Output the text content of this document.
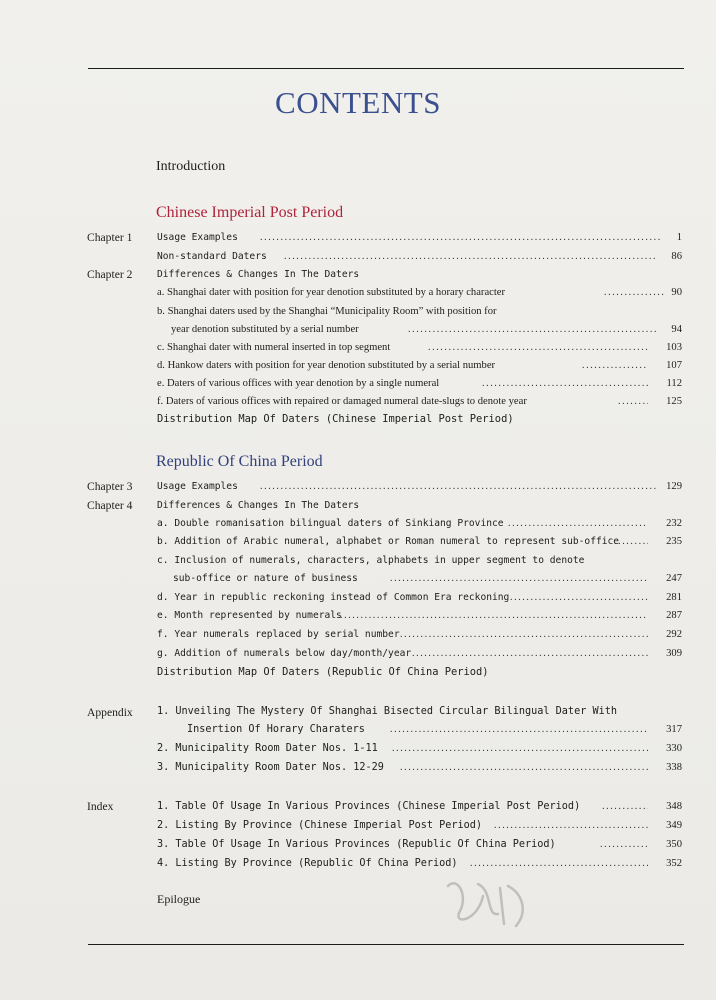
CONTENTS
Introduction
Chinese Imperial Post Period
Chapter 1	Usage Examples .....	1
Non-standard Daters .....	86
Chapter 2	Differences & Changes In The Daters
a. Shanghai dater with position for year denotion substituted by a horary character .....	90
b. Shanghai daters used by the Shanghai “Municipality Room” with position for
year denotion substituted by a serial number .....	94
c. Shanghai dater with numeral inserted in top segment .....	103
d. Hankow daters with position for year denotion substituted by a serial number .....	107
e. Daters of various offices with year denotion by a single numeral .....	112
f. Daters of various offices with repaired or damaged numeral date-slugs to denote year .....	125
Distribution Map Of Daters (Chinese Imperial Post Period)
Republic Of China Period
Chapter 3	Usage Examples .....	129
Chapter 4	Differences & Changes In The Daters
a. Double romanisation bilingual daters of Sinkiang Province .....	232
b. Addition of Arabic numeral, alphabet or Roman numeral to represent sub-office .....	235
c. Inclusion of numerals, characters, alphabets in upper segment to denote
sub-office or nature of business .....	247
d. Year in republic reckoning instead of Common Era reckoning .....	281
e. Month represented by numerals .....	287
f. Year numerals replaced by serial number .....	292
g. Addition of numerals below day/month/year .....	309
Distribution Map Of Daters (Republic Of China Period)
Appendix 1. Unveiling The Mystery Of Shanghai Bisected Circular Bilingual Dater With
Insertion Of Horary Charaters .....	317
2. Municipality Room Dater Nos. 1-11 .....	330
3. Municipality Room Dater Nos. 12-29 .....	338
Index	1. Table Of Usage In Various Provinces (Chinese Imperial Post Period) .....	348
2. Listing By Province (Chinese Imperial Post Period) .....	349
3. Table Of Usage In Various Provinces (Republic Of China Period) .....	350
4. Listing By Province (Republic Of China Period) .....	352
Epilogue
